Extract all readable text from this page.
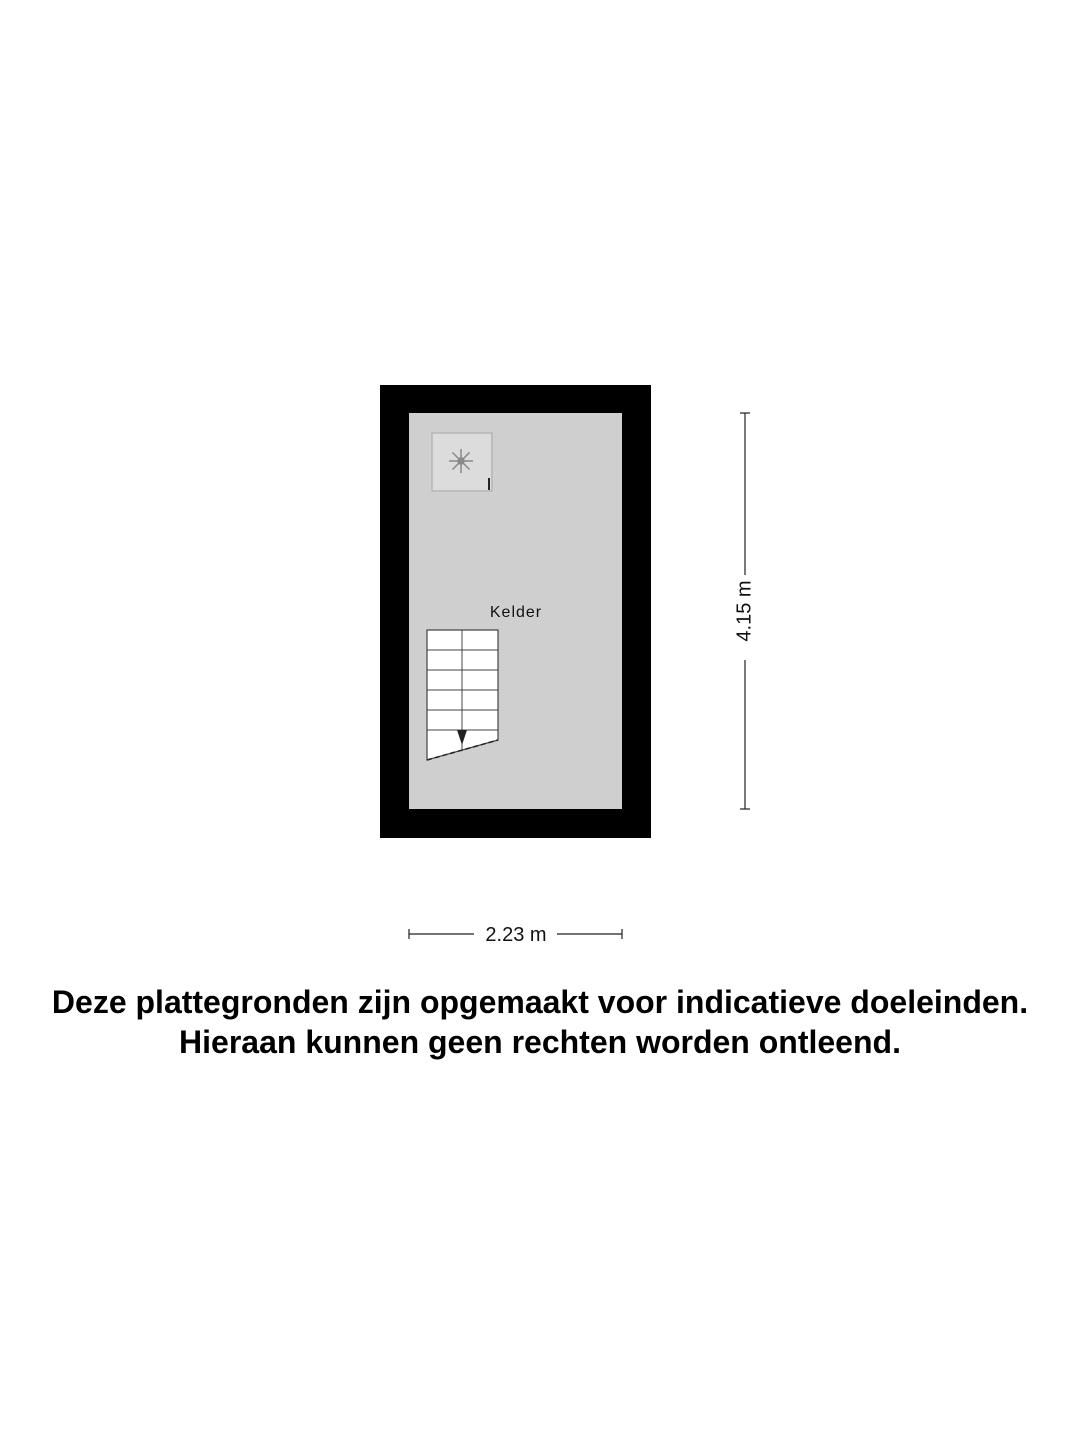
Kelder	4.15 m
2.23 m
Deze plattegronden zijn opgemaakt voor indicatieve doeleinden.
Hieraan kunnen geen rechten worden ontleend.
